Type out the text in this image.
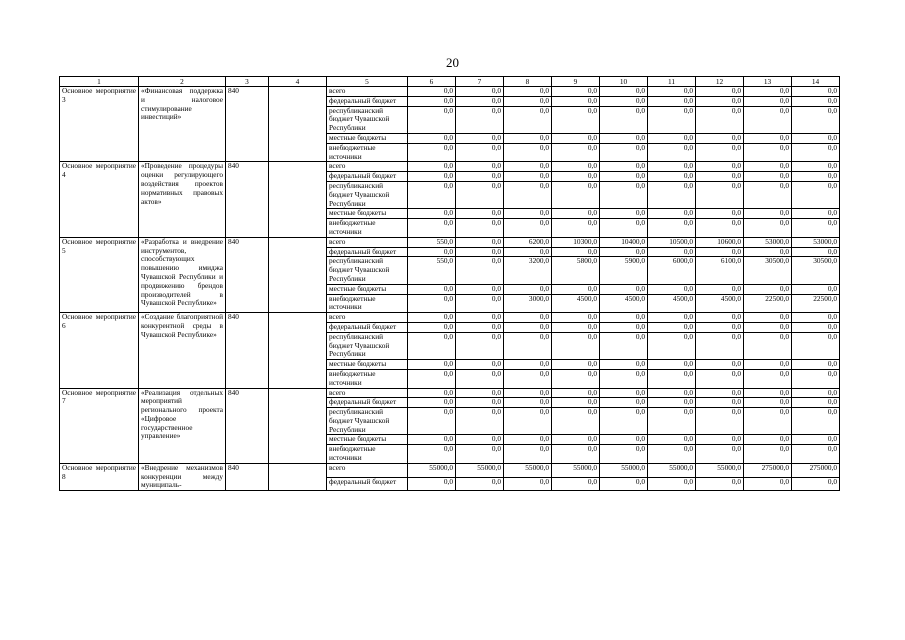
20
1	2	3	4	5	6	7	8	9	10	11	12	13	14
Основное мероприятие 3	«Финансовая поддержка и налоговое стимулирование инвестиций»	840		всего	0,0	0,0	0,0	0,0	0,0	0,0	0,0	0,0	0,0
				федеральный бюджет	0,0	0,0	0,0	0,0	0,0	0,0	0,0	0,0	0,0
				республиканский бюджет Чувашской Республики	0,0	0,0	0,0	0,0	0,0	0,0	0,0	0,0	0,0
				местные бюджеты	0,0	0,0	0,0	0,0	0,0	0,0	0,0	0,0	0,0
				внебюджетные источники	0,0	0,0	0,0	0,0	0,0	0,0	0,0	0,0	0,0
Основное мероприятие 4	«Проведение процедуры оценки регулирующего воздействия проектов нормативных правовых актов»	840		всего	0,0	0,0	0,0	0,0	0,0	0,0	0,0	0,0	0,0
				федеральный бюджет	0,0	0,0	0,0	0,0	0,0	0,0	0,0	0,0	0,0
				республиканский бюджет Чувашской Республики	0,0	0,0	0,0	0,0	0,0	0,0	0,0	0,0	0,0
				местные бюджеты	0,0	0,0	0,0	0,0	0,0	0,0	0,0	0,0	0,0
				внебюджетные источники	0,0	0,0	0,0	0,0	0,0	0,0	0,0	0,0	0,0
Основное мероприятие 5	«Разработка и внедрение инструментов, способствующих повышению имиджа Чувашской Республики и продвижению брендов производителей в Чувашской Республике»	840		всего	550,0	0,0	6200,0	10300,0	10400,0	10500,0	10600,0	53000,0	53000,0
				федеральный бюджет	0,0	0,0	0,0	0,0	0,0	0,0	0,0	0,0	0,0
				республиканский бюджет Чувашской Республики	550,0	0,0	3200,0	5800,0	5900,0	6000,0	6100,0	30500,0	30500,0
				местные бюджеты	0,0	0,0	0,0	0,0	0,0	0,0	0,0	0,0	0,0
				внебюджетные источники	0,0	0,0	3000,0	4500,0	4500,0	4500,0	4500,0	22500,0	22500,0
Основное мероприятие 6	«Создание благоприятной конкурентной среды в Чувашской Республике»	840		всего	0,0	0,0	0,0	0,0	0,0	0,0	0,0	0,0	0,0
				федеральный бюджет	0,0	0,0	0,0	0,0	0,0	0,0	0,0	0,0	0,0
				республиканский бюджет Чувашской Республики	0,0	0,0	0,0	0,0	0,0	0,0	0,0	0,0	0,0
				местные бюджеты	0,0	0,0	0,0	0,0	0,0	0,0	0,0	0,0	0,0
				внебюджетные источники	0,0	0,0	0,0	0,0	0,0	0,0	0,0	0,0	0,0
Основное мероприятие 7	«Реализация отдельных мероприятий регионального проекта «Цифровое государственное управление»	840		всего	0,0	0,0	0,0	0,0	0,0	0,0	0,0	0,0	0,0
				федеральный бюджет	0,0	0,0	0,0	0,0	0,0	0,0	0,0	0,0	0,0
				республиканский бюджет Чувашской Республики	0,0	0,0	0,0	0,0	0,0	0,0	0,0	0,0	0,0
				местные бюджеты	0,0	0,0	0,0	0,0	0,0	0,0	0,0	0,0	0,0
				внебюджетные источники	0,0	0,0	0,0	0,0	0,0	0,0	0,0	0,0	0,0
Основное мероприятие 8	«Внедрение механизмов конкуренции между муниципаль-	840		всего	55000,0	55000,0	55000,0	55000,0	55000,0	55000,0	55000,0	275000,0	275000,0
				федеральный бюджет	0,0	0,0	0,0	0,0	0,0	0,0	0,0	0,0	0,0
